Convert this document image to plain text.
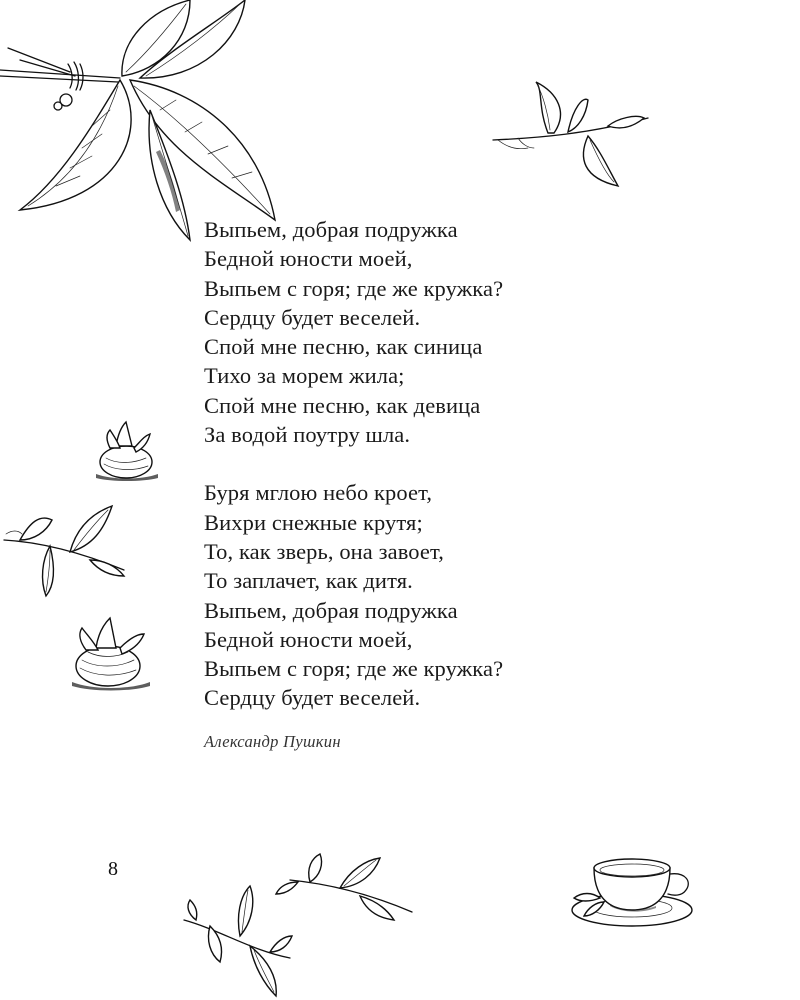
Выпьем, добрая подружка
Бедной юности моей,
Выпьем с горя; где же кружка?
Сердцу будет веселей.
Спой мне песню, как синица
Тихо за морем жила;
Спой мне песню, как девица
За водой поутру шла.
Буря мглою небо кроет,
Вихри снежные крутя;
То, как зверь, она завоет,
То заплачет, как дитя.
Выпьем, добрая подружка
Бедной юности моей,
Выпьем с горя; где же кружка?
Сердцу будет веселей.
Александр Пушкин
8
